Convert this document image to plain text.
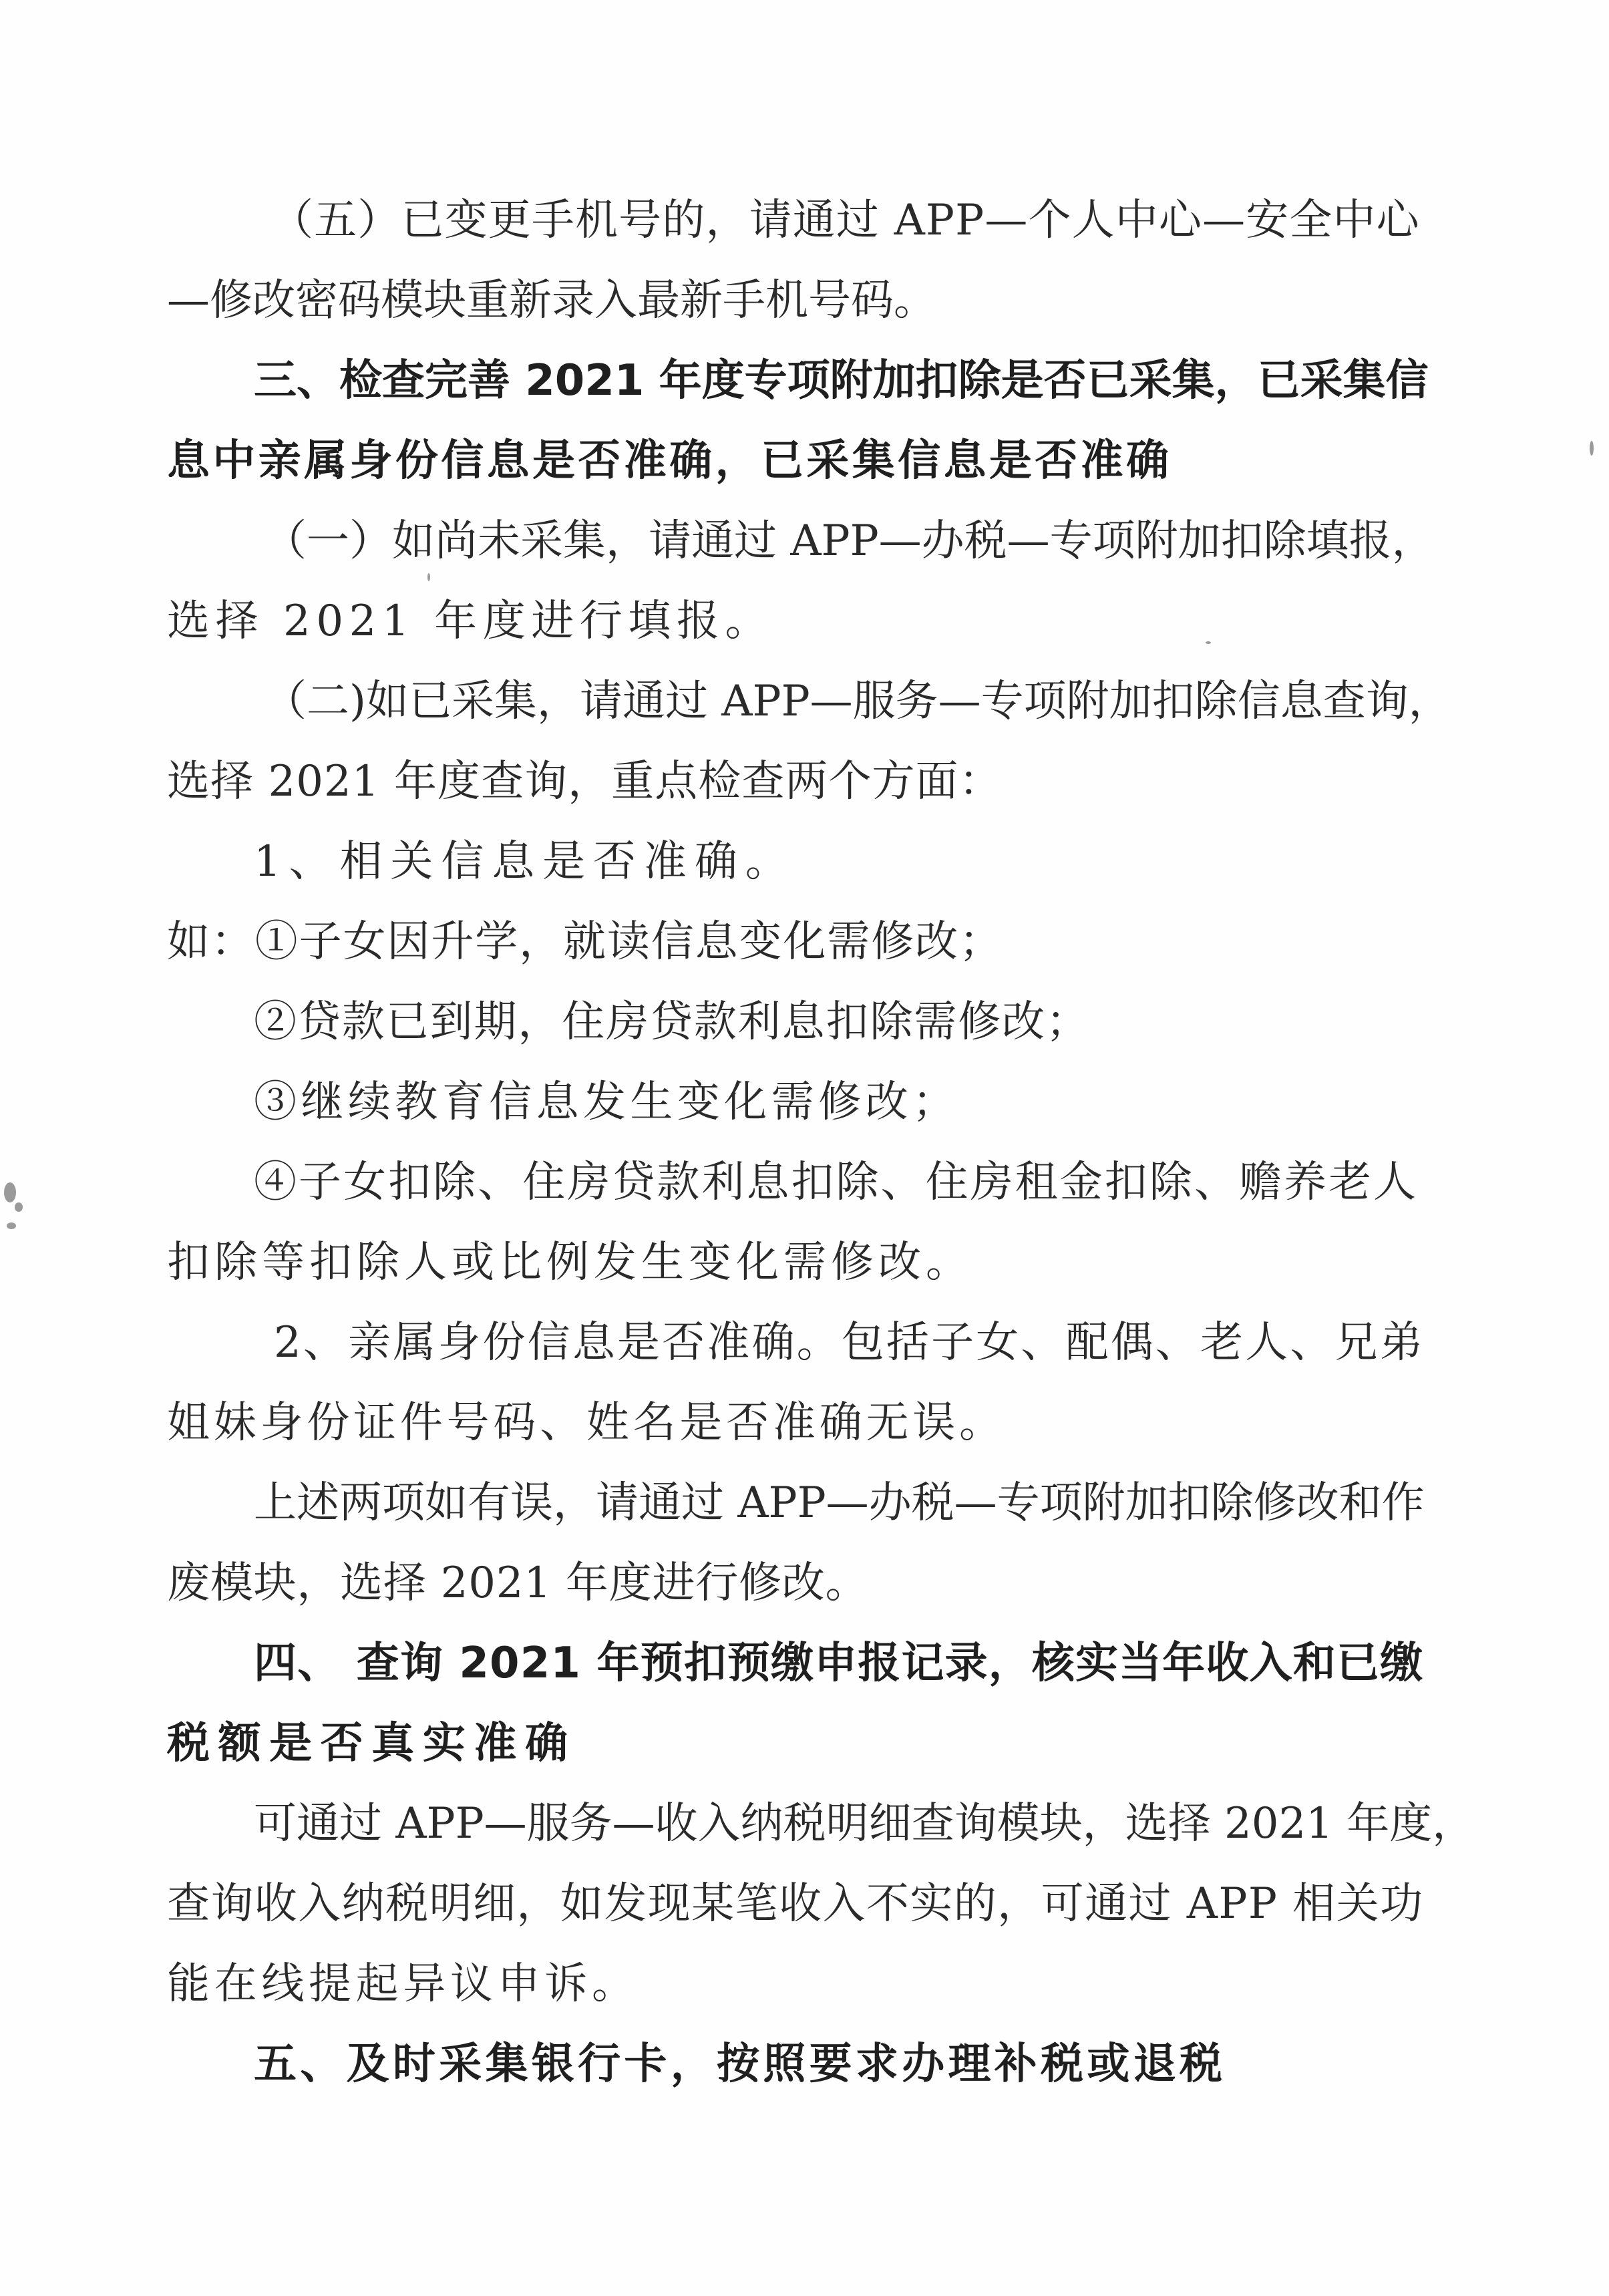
（五）已变更手机号的，请通过 APP—个人中心—安全中心
—修改密码模块重新录入最新手机号码。
三、检查完善 2021 年度专项附加扣除是否已采集，已采集信
息中亲属身份信息是否准确，已采集信息是否准确
（一）如尚未采集，请通过 APP—办税—专项附加扣除填报，
选择 2021 年度进行填报。
（二)如已采集，请通过 APP—服务—专项附加扣除信息查询，
选择 2021 年度查询，重点检查两个方面：
1、相关信息是否准确。
如：①子女因升学，就读信息变化需修改；
②贷款已到期，住房贷款利息扣除需修改；
③继续教育信息发生变化需修改；
④子女扣除、住房贷款利息扣除、住房租金扣除、赡养老人
扣除等扣除人或比例发生变化需修改。
2、亲属身份信息是否准确。包括子女、配偶、老人、兄弟
姐妹身份证件号码、姓名是否准确无误。
上述两项如有误，请通过 APP—办税—专项附加扣除修改和作
废模块，选择 2021 年度进行修改。
四、 查询 2021 年预扣预缴申报记录，核实当年收入和已缴
税额是否真实准确
可通过 APP—服务—收入纳税明细查询模块，选择 2021 年度，
查询收入纳税明细，如发现某笔收入不实的，可通过 APP 相关功
能在线提起异议申诉。
五、及时采集银行卡，按照要求办理补税或退税
